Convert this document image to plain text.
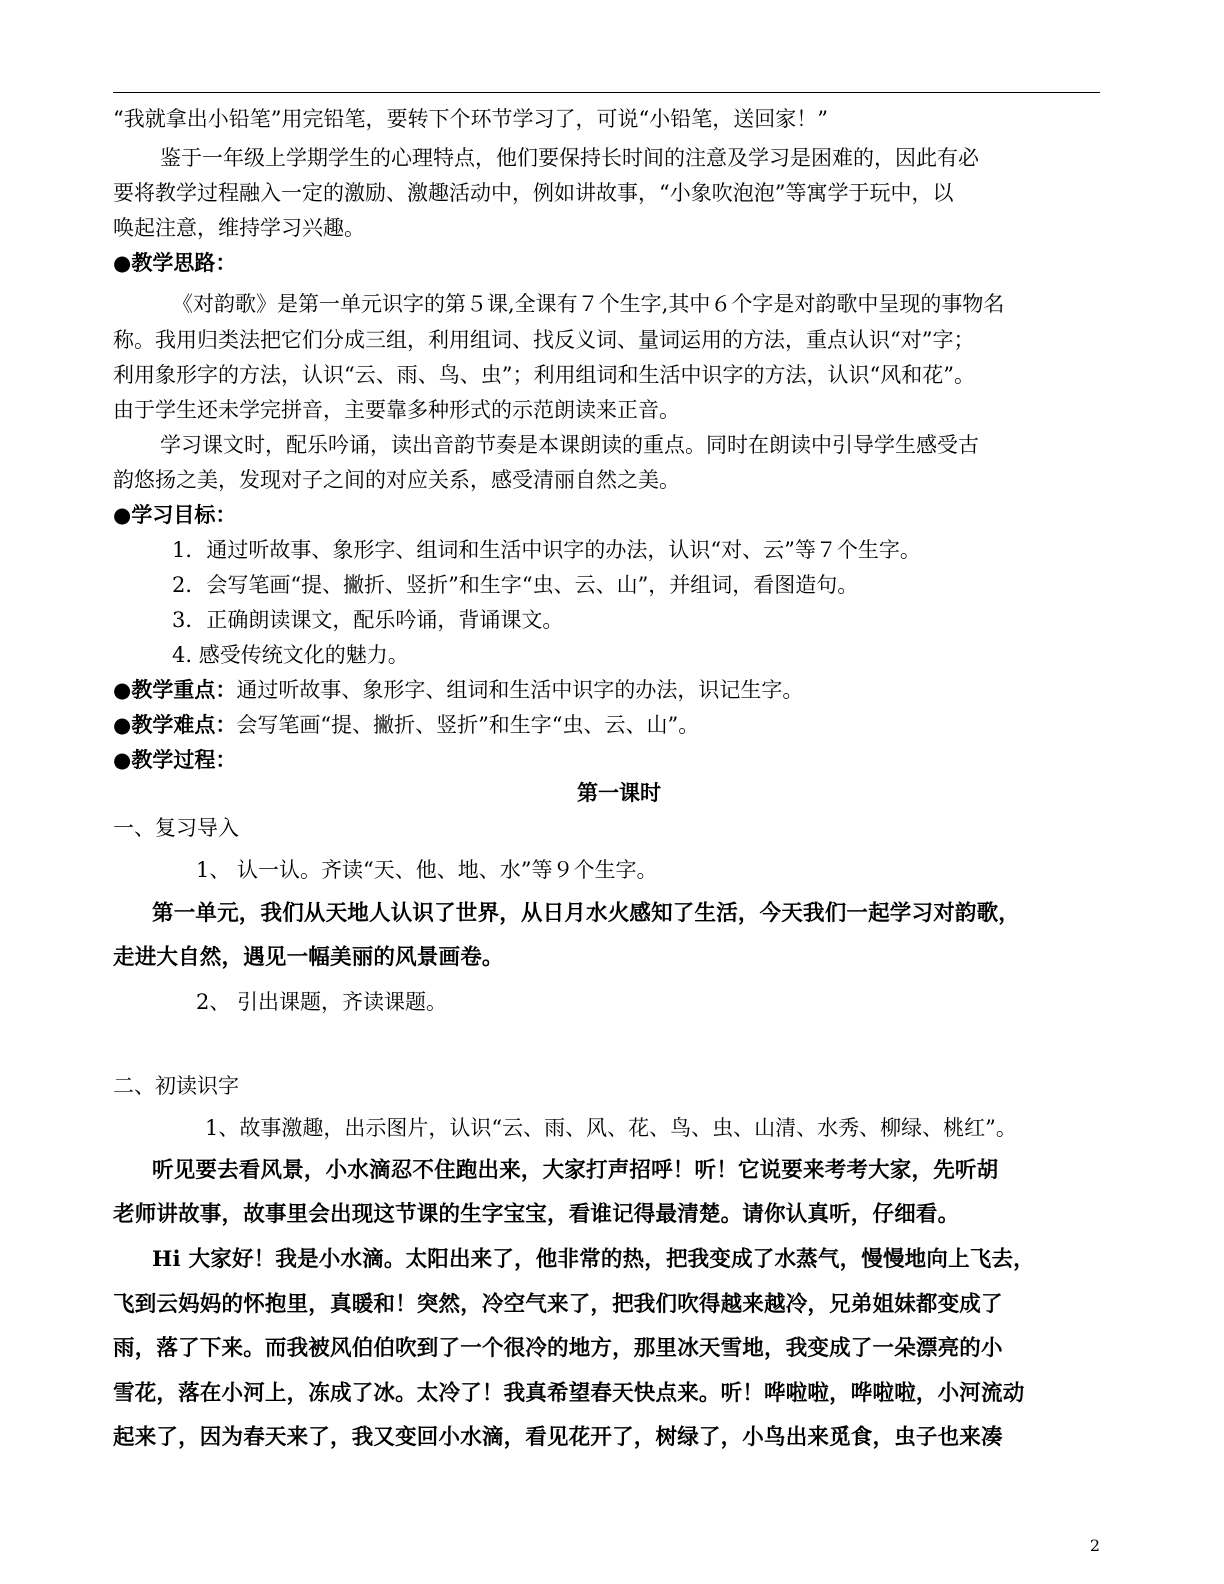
“我就拿出小铅笔”用完铅笔，要转下个环节学习了，可说“小铅笔，送回家！”
鉴于一年级上学期学生的心理特点，他们要保持长时间的注意及学习是困难的，因此有必
要将教学过程融入一定的激励、激趣活动中，例如讲故事，“小象吹泡泡”等寓学于玩中，以
唤起注意，维持学习兴趣。
●教学思路：
《对韵歌》是第一单元识字的第５课,全课有７个生字,其中６个字是对韵歌中呈现的事物名
称。我用归类法把它们分成三组，利用组词、找反义词、量词运用的方法，重点认识“对”字；
利用象形字的方法，认识“云、雨、鸟、虫”；利用组词和生活中识字的方法，认识“风和花”。
由于学生还未学完拼音，主要靠多种形式的示范朗读来正音。
学习课文时，配乐吟诵，读出音韵节奏是本课朗读的重点。同时在朗读中引导学生感受古
韵悠扬之美，发现对子之间的对应关系，感受清丽自然之美。
●学习目标：
1．通过听故事、象形字、组词和生活中识字的办法，认识“对、云”等７个生字。
2．会写笔画“提、撇折、竖折”和生字“虫、云、山”，并组词，看图造句。
3．正确朗读课文，配乐吟诵，背诵课文。
4. 感受传统文化的魅力。
●教学重点：通过听故事、象形字、组词和生活中识字的办法，识记生字。
●教学难点：会写笔画“提、撇折、竖折”和生字“虫、云、山”。
●教学过程：
第一课时
一、复习导入
1、 认一认。齐读“天、他、地、水”等９个生字。
第一单元，我们从天地人认识了世界，从日月水火感知了生活，今天我们一起学习对韵歌，
走进大自然，遇见一幅美丽的风景画卷。
2、 引出课题，齐读课题。
二、初读识字
1、故事激趣，出示图片，认识“云、雨、风、花、鸟、虫、山清、水秀、柳绿、桃红”。
听见要去看风景，小水滴忍不住跑出来，大家打声招呼！听！它说要来考考大家，先听胡
老师讲故事，故事里会出现这节课的生字宝宝，看谁记得最清楚。请你认真听，仔细看。
Hi 大家好！我是小水滴。太阳出来了，他非常的热，把我变成了水蒸气，慢慢地向上飞去，
飞到云妈妈的怀抱里，真暖和！突然，冷空气来了，把我们吹得越来越冷，兄弟姐妹都变成了
雨，落了下来。而我被风伯伯吹到了一个很冷的地方，那里冰天雪地，我变成了一朵漂亮的小
雪花，落在小河上，冻成了冰。太冷了！我真希望春天快点来。听！哗啦啦，哗啦啦，小河流动
起来了，因为春天来了，我又变回小水滴，看见花开了，树绿了，小鸟出来觅食，虫子也来凑
2
